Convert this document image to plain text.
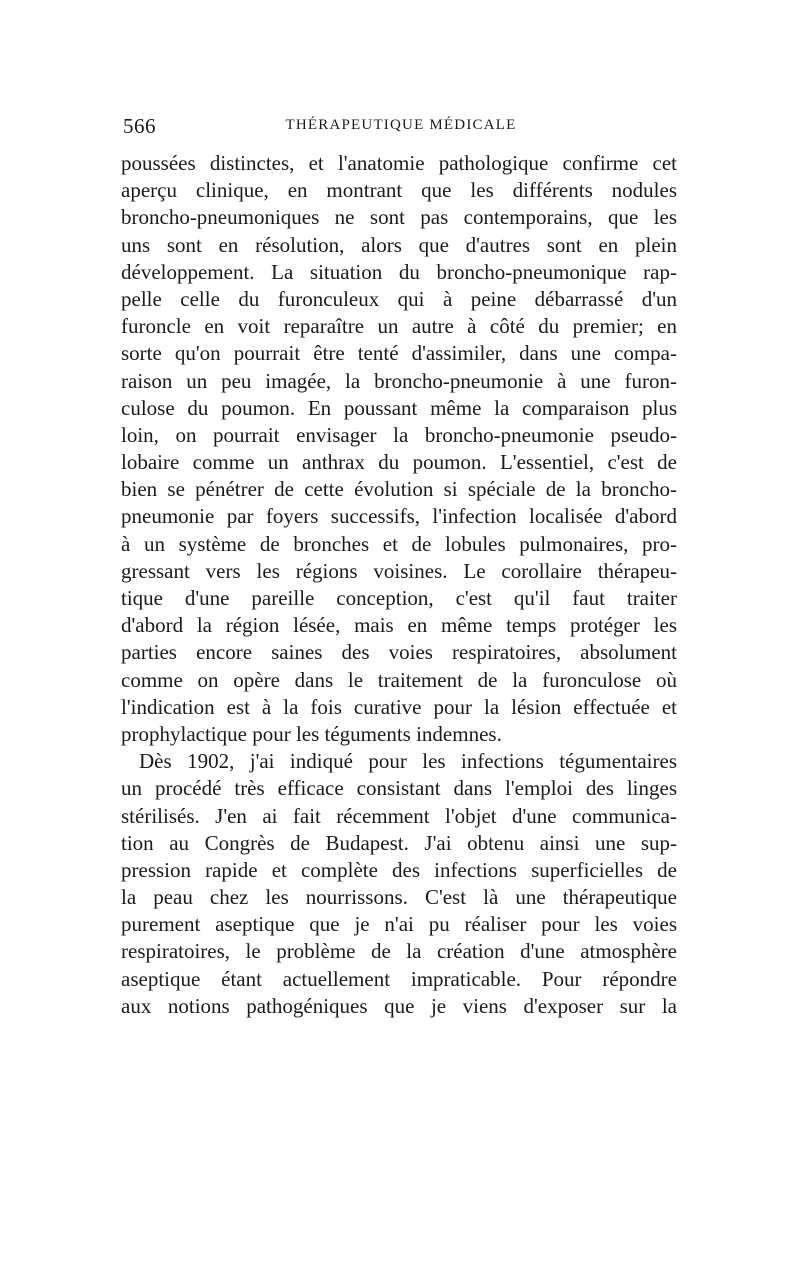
566	THÉRAPEUTIQUE MÉDICALE
poussées distinctes, et l'anatomie pathologique confirme cet
aperçu clinique, en montrant que les différents nodules
broncho-pneumoniques ne sont pas contemporains, que les
uns sont en résolution, alors que d'autres sont en plein
développement. La situation du broncho-pneumonique rap-
pelle celle du furonculeux qui à peine débarrassé d'un
furoncle en voit reparaître un autre à côté du premier; en
sorte qu'on pourrait être tenté d'assimiler, dans une compa-
raison un peu imagée, la broncho-pneumonie à une furon-
culose du poumon. En poussant même la comparaison plus
loin, on pourrait envisager la broncho-pneumonie pseudo-
lobaire comme un anthrax du poumon. L'essentiel, c'est de
bien se pénétrer de cette évolution si spéciale de la broncho-
pneumonie par foyers successifs, l'infection localisée d'abord
à un système de bronches et de lobules pulmonaires, pro-
gressant vers les régions voisines. Le corollaire thérapeu-
tique d'une pareille conception, c'est qu'il faut traiter
d'abord la région lésée, mais en même temps protéger les
parties encore saines des voies respiratoires, absolument
comme on opère dans le traitement de la furonculose où
l'indication est à la fois curative pour la lésion effectuée et
prophylactique pour les téguments indemnes.
Dès 1902, j'ai indiqué pour les infections tégumentaires
un procédé très efficace consistant dans l'emploi des linges
stérilisés. J'en ai fait récemment l'objet d'une communica-
tion au Congrès de Budapest. J'ai obtenu ainsi une sup-
pression rapide et complète des infections superficielles de
la peau chez les nourrissons. C'est là une thérapeutique
purement aseptique que je n'ai pu réaliser pour les voies
respiratoires, le problème de la création d'une atmosphère
aseptique étant actuellement impraticable. Pour répondre
aux notions pathogéniques que je viens d'exposer sur la
